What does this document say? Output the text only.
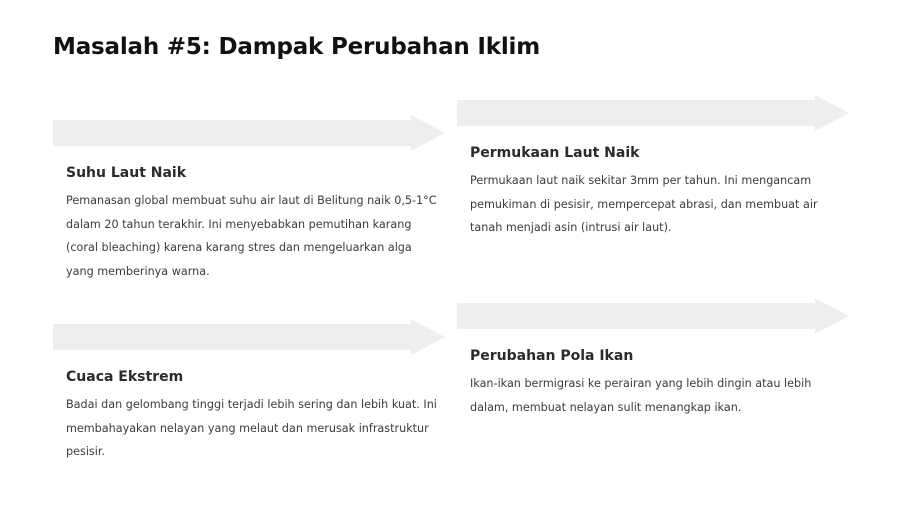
Masalah #5: Dampak Perubahan Iklim
Suhu Laut Naik

Pemanasan global membuat suhu air laut di Belitung naik 0,5-1°C dalam 20 tahun terakhir. Ini menyebabkan pemutihan karang (coral bleaching) karena karang stres dan mengeluarkan alga yang memberinya warna.

Permukaan Laut Naik

Permukaan laut naik sekitar 3mm per tahun. Ini mengancam pemukiman di pesisir, mempercepat abrasi, dan membuat air tanah menjadi asin (intrusi air laut).

Cuaca Ekstrem

Badai dan gelombang tinggi terjadi lebih sering dan lebih kuat. Ini membahayakan nelayan yang melaut dan merusak infrastruktur pesisir.

Perubahan Pola Ikan

Ikan-ikan bermigrasi ke perairan yang lebih dingin atau lebih dalam, membuat nelayan sulit menangkap ikan.
